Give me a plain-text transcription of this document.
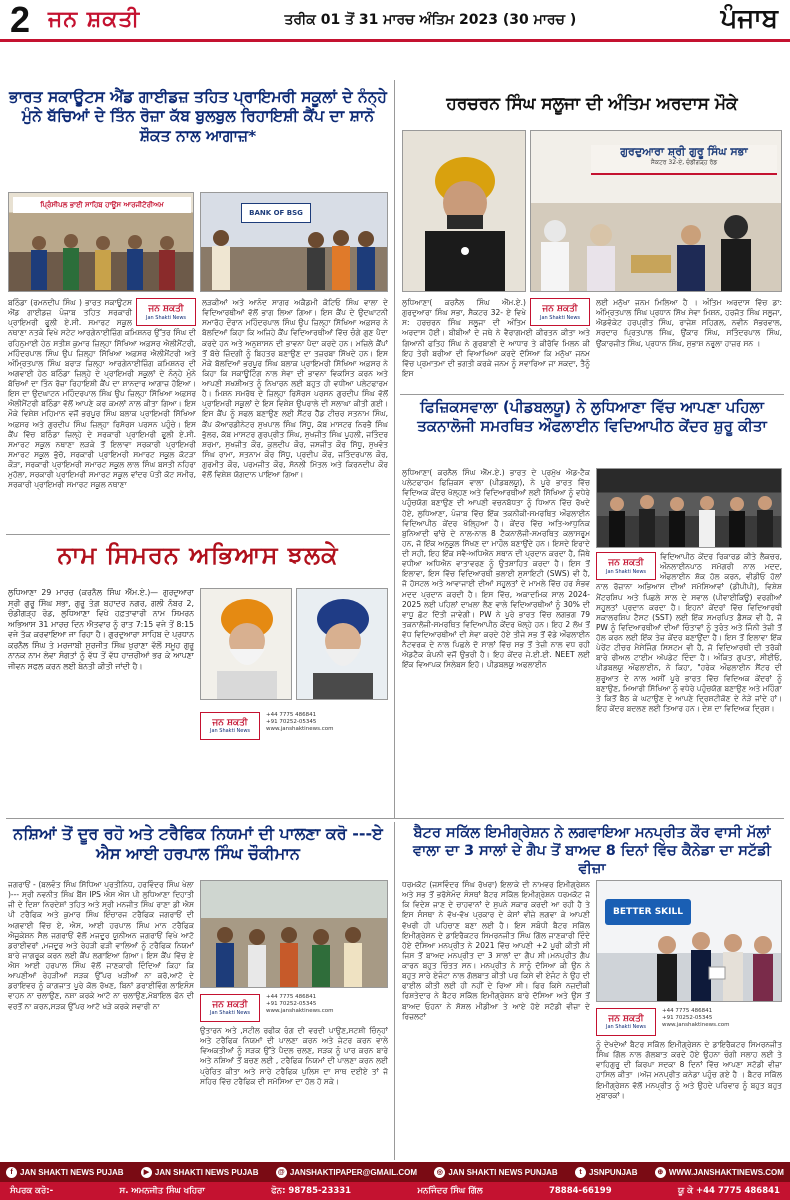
2 ਜਨ ਸ਼ਕਤੀ	ਤਰੀਕ 01 ਤੋਂ 31 ਮਾਰਚ ਅੰਤਿਮ 2023 (30 ਮਾਰਚ )	ਪੰਜਾਬ
ਭਾਰਤ ਸਕਾਊਟਸ ਐਂਡ ਗਾਈਡਜ਼ ਤਹਿਤ ਪ੍ਰਾਇਮਰੀ ਸਕੂਲਾਂ ਦੇ ਨੰਨ੍ਹੇ ਮੁੰਨੇ ਬੱਚਿਆਂ ਦੇ ਤਿੰਨ ਰੋਜ਼ਾ ਕੱਬ ਬੁਲਬੁਲ ਰਿਹਾਇਸ਼ੀ ਕੈਂਪ ਦਾ ਸ਼ਾਨੋ ਸ਼ੌਕਤ ਨਾਲ ਆਗਾਜ਼*
ਪ੍ਰਿੰਸੀਪਲ ਭਾਈ ਸਾਹਿਬ ਹਾਊਸ ਆਰਜੀਟੋਰੀਅਮ
BANK OF BSG
ਜਨ ਸ਼ਕਤੀ
Jan Shakti News
ਬਠਿੰਡਾ (ਰਮਨਦੀਪ ਸਿੰਘ ) ਭਾਰਤ ਸਕਾਊਟਸ ਐਂਡ ਗਾਈਡਜ਼ ਪੰਜਾਬ ਤਹਿਤ ਸਰਕਾਰੀ ਪ੍ਰਾਇਮਰੀ ਫੂਲੀ ਏ.ਸੀ. ਸਮਾਰਟ ਸਕੂਲ ਨਥਾਣਾ ਨਤਕੇ ਵਿਖੇ ਸਟੇਟ ਆਰਗੇਨਾਈਜ਼ਿੰਗ ਕਮਿਸ਼ਨਰ ਉੱਤਰ ਸਿੰਘ ਦੀ ਰਹਿਨੁਮਾਈ ਹੇਠ ਸਤੀਸ਼ ਕੁਮਾਰ ਜ਼ਿਲ੍ਹਾ ਸਿੱਖਿਆ ਅਫ਼ਸਰ ਐਲੀਮੈਂਟਰੀ, ਮਹਿੰਦਰਪਾਲ ਸਿੰਘ ਉਪ ਜ਼ਿਲ੍ਹਾ ਸਿੱਖਿਆ ਅਫ਼ਸਰ ਐਲੀਮੈਂਟਰੀ ਅਤੇ ਅੰਮ੍ਰਿਤਪਾਲ ਸਿੰਘ ਬਰਾੜ ਜ਼ਿਲ੍ਹਾ ਆਰਗੇਨਾਈਜ਼ਿੰਗ ਕਮਿਸ਼ਨਰ ਦੀ ਅਗਵਾਈ ਹੇਠ ਬਠਿੰਡਾ ਜ਼ਿਲ੍ਹੇ ਦੇ ਪ੍ਰਾਇਮਰੀ ਸਕੂਲਾਂ ਦੇ ਨੰਨ੍ਹੇ ਮੁੰਨੇ ਬੱਚਿਆਂ ਦਾ ਤਿੰਨ ਰੋਜ਼ਾ ਰਿਹਾਇਸ਼ੀ ਕੈਂਪ ਦਾ ਸ਼ਾਨਦਾਰ ਆਗਾਜ਼ ਹੋਇਆ। ਇਸ ਦਾ ਉਦਘਾਟਨ ਮਹਿੰਦਰਪਾਲ ਸਿੰਘ ਉਪ ਜ਼ਿਲ੍ਹਾ ਸਿੱਖਿਆ ਅਫ਼ਸਰ ਐਲੀਮੈਂਟਰੀ ਬਠਿੰਡਾ ਵੱਲੋਂ ਆਪਣੇ ਕਰ ਕਮਲਾਂ ਨਾਲ ਕੀਤਾ ਗਿਆ। ਇਸ ਮੌਕੇ ਵਿਸ਼ੇਸ਼ ਮਹਿਮਾਨ ਵਜੋਂ ਭਰਪੂਰ ਸਿੰਘ ਬਲਾਕ ਪ੍ਰਾਇਮਰੀ ਸਿੱਖਿਆ ਅਫ਼ਸਰ ਅਤੇ ਗੁਰਦੀਪ ਸਿੰਘ ਜ਼ਿਲ੍ਹਾ ਰਿਸੋਰਸ ਪਰਸਨ ਪਹੁੰਚੇ। ਇਸ ਕੈਂਪ ਵਿੱਚ ਬਠਿੰਡਾ ਜ਼ਿਲ੍ਹੇ ਦੇ ਸਰਕਾਰੀ ਪ੍ਰਾਇਮਰੀ ਫੂਲੀ ਏ.ਸੀ. ਸਮਾਰਟ ਸਕੂਲ ਨਥਾਣਾ ਲੜਕੇ ਤੋਂ ਇਲਾਵਾ ਸਰਕਾਰੀ ਪ੍ਰਾਇਮਰੀ ਸਮਾਰਟ ਸਕੂਲ ਭੁੱਚੋ, ਸਰਕਾਰੀ ਪ੍ਰਾਇਮਰੀ ਸਮਾਰਟ ਸਕੂਲ ਕੋਟੜਾ ਕੌੜਾ, ਸਰਕਾਰੀ ਪ੍ਰਾਇਮਰੀ ਸਮਾਰਟ ਸਕੂਲ ਲਾਲ ਸਿੰਘ ਬਸਤੀ ਨਹਿਰਾ ਮੁਹੱਲਾ, ਸਰਕਾਰੀ ਪ੍ਰਾਇਮਰੀ ਸਮਾਰਟ ਸਕੂਲ ਵਾਂਦਰ ਪੱਤੀ ਕੋਟ ਸਮੀਰ, ਸਰਕਾਰੀ ਪ੍ਰਾਇਮਰੀ ਸਮਾਰਟ ਸਕੂਲ ਨਥਾਣਾ
ਲੜਕੀਆਂ ਅਤੇ ਆਨੰਦ ਸਾਗਰ ਅਕੈਡਮੀ ਕੋਟਿਓ ਸਿੰਘ ਵਾਲਾ ਦੇ ਵਿਦਿਆਰਥੀਆਂ ਵੱਲੋਂ ਭਾਗ ਲਿਆ ਗਿਆ। ਇਸ ਕੈਂਪ ਦੇ ਉਦਘਾਟਨੀ ਸਮਾਰੋਹ ਦੌਰਾਨ ਮਹਿੰਦਰਪਾਲ ਸਿੰਘ ਉਪ ਜ਼ਿਲ੍ਹਾ ਸਿੱਖਿਆ ਅਫ਼ਸਰ ਨੇ ਬੋਲਦਿਆਂ ਕਿਹਾ ਕਿ ਅਜਿਹੇ ਕੈਂਪ ਵਿਦਿਆਰਥੀਆਂ ਵਿੱਚ ਚੰਗੇ ਗੁਣ ਪੈਦਾ ਕਰਦੇ ਹਨ ਅਤੇ ਅਨੁਸ਼ਾਸਨ ਦੀ ਭਾਵਨਾ ਪੈਦਾ ਕਰਦੇ ਹਨ। ਮਜ਼ਿਲੇ ਕੈਂਪਾਂ ਤੋਂ ਬੱਚੇ ਜ਼ਿੰਦਗੀ ਨੂੰ ਬਿਹਤਰ ਬਣਾਉਣ ਦਾ ਤਜ਼ਰਬਾ ਸਿੱਖਦੇ ਹਨ। ਇਸ ਮੌਕੇ ਬੋਲਦਿਆਂ ਭਰਪੂਰ ਸਿੰਘ ਬਲਾਕ ਪ੍ਰਾਇਮਰੀ ਸਿੱਖਿਆ ਅਫ਼ਸਰ ਨੇ ਕਿਹਾ ਕਿ ਸਕਾਊਟਿੰਗ ਨਾਲ ਸੇਵਾ ਦੀ ਭਾਵਨਾ ਵਿਕਸਿਤ ਕਰਨ ਅਤੇ ਆਪਣੀ ਸਖਸ਼ੀਅਤ ਨੂੰ ਨਿਖਾਰਨ ਲਈ ਬਹੁਤ ਹੀ ਵਧੀਆ ਪਲੇਟਫਾਰਮ ਹੈ। ਮਿਸ਼ਨ ਸਮਰੱਥ ਦੇ ਜ਼ਿਲ੍ਹਾ ਰਿਸੋਰਸ ਪਰਸਨ ਗੁਰਦੀਪ ਸਿੰਘ ਵੱਲੋਂ ਪ੍ਰਾਇਮਰੀ ਸਕੂਲਾਂ ਦੇ ਇਸ ਵਿਸ਼ੇਸ਼ ਉਪਰਾਲੇ ਦੀ ਸਲਾਘਾ ਕੀਤੀ ਗਈ। ਇਸ ਕੈਂਪ ਨੂੰ ਸਫਲ ਬਣਾਉਣ ਲਈ ਸੈਂਟਰ ਹੈੱਡ ਟੀਚਰ ਸਤਨਾਮ ਸਿੰਘ, ਕੈਂਪ ਕੋਆਰਡੀਨੇਟਰ ਸੁਖਪਾਲ ਸਿੰਘ ਸਿੱਧੂ, ਕੱਬ ਮਾਸਟਰ ਨਿਰਭੈ ਸਿੰਘ ਭੁੱਲਰ, ਕੱਬ ਮਾਸਟਰ ਗੁਰਪ੍ਰੀਤ ਸਿੰਘ, ਸੁਖਜੀਤ ਸਿੰਘ ਪੂਹਲੀ, ਜਤਿੰਦਰ ਸ਼ਰਮਾ, ਸੁਖਜੀਤ ਕੌਰ, ਕੁਲਦੀਪ ਕੌਰ, ਜਸਜੀਤ ਕੌਰ ਸਿੱਧੂ, ਸੁਖਵੰਤ ਸਿੰਘ ਰਾਮਾ, ਸਤਨਾਮ ਕੌਰ ਸਿੱਧੂ, ਪ੍ਰਦੀਪ ਕੌਰ, ਜਤਿੰਦਰਪਾਲ ਕੌਰ, ਗੁਰਮੀਤ ਕੌਰ, ਪਰਮਜੀਤ ਕੌਰ, ਸੋਨਲੀ ਮਿੱਤਲ ਅਤੇ ਕਿਰਨਦੀਪ ਕੌਰ ਵੱਲੋਂ ਵਿਸ਼ੇਸ਼ ਯੋਗਦਾਨ ਪਾਇਆ ਗਿਆ।
ਹਰਚਰਨ ਸਿੰਘ ਸਲੂਜਾ ਦੀ ਅੰਤਿਮ ਅਰਦਾਸ ਮੌਕੇ
ਗੁਰਦੁਆਰਾ ਸ਼੍ਰੀ ਗੁਰੂ ਸਿੰਘ ਸਭਾ
ਸੈਕਟਰ 32-ਏ, ਚੰਡੀਗੜ੍ਹ ਰੋਡ
ਜਨ ਸ਼ਕਤੀ
Jan Shakti News
ਲੁਧਿਆਣਾ( ਕਰਨੈਲ ਸਿੰਘ ਐੱਮ.ਏ.) ਗੁਰਦੁਆਰਾ ਸਿੰਘ ਸਭਾ, ਸੈਕਟਰ 32- ਏ ਵਿਖੇ ਸ: ਹਰਚਰਨ ਸਿੰਘ ਸਲੂਜਾ ਦੀ ਅੰਤਿਮ ਅਰਦਾਸ ਹੋਈ। ਬੀਬੀਆਂ ਦੇ ਜਥੇ ਨੇ ਵੈਰਾਗਮਈ ਕੀਰਤਨ ਕੀਤਾ ਅਤੇ ਗਿਆਨੀ ਫਤਿਹ ਸਿੰਘ ਨੇ ਗੁਰਬਾਣੀ ਦੇ ਆਧਾਰ ਤੇ ਕੀਰੋਵਿ ਮਿਲਨ ਕੀ ਇਹ ਤੇਰੀ ਬਰੀਆ ਦੀ ਵਿਆਖਿਆ ਕਰਦੇ ਦੱਸਿਆ ਕਿ ਮਨੁੱਖਾ ਜਨਮ ਵਿੱਚ ਪ੍ਰਮਾਤਮਾ ਦੀ ਭਗਤੀ ਕਰਕੇ ਜਨਮ ਨੂੰ ਸਵਾਰਿਆ ਜਾ ਸਕਦਾ, ਤੈਨੂੰ ਇਸ
ਲਈ ਮਨੁੱਖਾ ਜਨਮ ਮਿਲਿਆ ਹੈ । ਅੰਤਿਮ ਅਰਦਾਸ ਵਿੱਚ ਡਾ: ਅੰਮ੍ਰਿਤਪਾਲ ਸਿੰਘ ਪ੍ਰਧਾਨ ਸਿੱਖ ਸੇਵਾ ਮਿਸ਼ਨ, ਹਰਜੋਤ ਸਿੰਘ ਸਲੂਜਾ, ਐਡਵੋਕੇਟ ਹਰਪ੍ਰੀਤ ਸਿੰਘ, ਰਾਜੇਸ਼ ਸਹਿਗਲ, ਨਵੀਨ ਸੱਭਰਵਾਲ, ਸਰਦਾਰ ਪ੍ਰਿਤਪਾਲ ਸਿੰਘ, ਉਂਕਾਰ ਸਿੰਘ, ਸਤਿੰਦਰਪਾਲ ਸਿੰਘ, ਉਂਕਾਰਜੀਤ ਸਿੰਘ, ਪ੍ਰਧਾਨ ਸਿੰਘ, ਸੁਭਾਸ਼ ਨਰੂਲਾ ਹਾਜ਼ਰ ਸਨ ।
ਫਿਜ਼ਿਕਸਵਾਲਾ (ਪੀਡਬਲਯੂ) ਨੇ ਲੁਧਿਆਣਾ ਵਿੱਚ ਆਪਣਾ ਪਹਿਲਾ ਤਕਨਾਲੋਜੀ ਸਮਰਥਿਤ ਔਫਲਾਈਨ ਵਿਦਿਆਪੀਠ ਕੇਂਦਰ ਸ਼ੁਰੂ ਕੀਤਾ
ਲੁਧਿਆਣਾ( ਕਰਨੈਲ ਸਿੰਘ ਐੱਮ.ਏ.) ਭਾਰਤ ਦੇ ਪ੍ਰਮੁੱਖ ਐਡ-ਟੈਕ ਪਲੇਟਫਾਰਮ ਫਿਜ਼ਿਕਸ ਵਾਲਾ (ਪੀਡਬਲਯੂ), ਨੇ ਪੂਰੇ ਭਾਰਤ ਵਿੱਚ ਵਿਦਿਅਕ ਕੇਂਦਰ ਖੋਲ੍ਹਣ ਅਤੇ ਵਿਦਿਆਰਥੀਆਂ ਲਈ ਸਿੱਖਿਆ ਨੂੰ ਵਧੇਰੇ ਪਹੁੰਚਯੋਗ ਬਣਾਉਣ ਦੀ ਆਪਣੀ ਵਚਨਬੱਧਤਾ ਨੂੰ ਧਿਆਨ ਵਿੱਚ ਰੱਖਦੇ ਹੋਏ, ਲੁਧਿਆਣਾ, ਪੰਜਾਬ ਵਿੱਚ ਇੱਕ ਤਕਨੀਕੀ-ਸਮਰਥਿਤ ਔਫਲਾਈਨ ਵਿਦਿਆਪੀਠ ਕੇਂਦਰ ਖੋਲ੍ਹਿਆ ਹੈ। ਕੇਂਦਰ ਵਿੱਚ ਅਤਿ-ਆਧੁਨਿਕ ਬੁਨਿਆਦੀ ਢਾਂਚੇ ਦੇ ਨਾਲ-ਨਾਲ 8 ਟੈਕਨਾਲੋਜੀ-ਸਮਰਥਿਤ ਕਲਾਸਰੂਮ ਹਨ, ਜੋ ਇੱਕ ਅਨੁਕੂਲ ਸਿੱਖਣ ਦਾ ਮਾਹੌਲ ਬਣਾਉਂਦੇ ਹਨ। ਇਸਦੇ ਇਰਾਦੇ ਦੀ ਸਹੀ, ਇਹ ਇੱਕ ਸਵੈ-ਅਧਿਐਨ ਸਥਾਨ ਦੀ ਪ੍ਰਦਾਨ ਕਰਦਾ ਹੈ, ਜਿੱਥੇ ਵਧੀਆ ਅਧਿਐਨ ਵਾਤਾਵਰਣ ਨੂੰ ਉਤਸ਼ਾਹਿਤ ਕਰਦਾ ਹੈ। ਇਸ ਤੋਂ ਇਲਾਵਾ, ਇਸ ਵਿੱਚ ਵਿਦਿਆਰਥੀ ਭਲਾਈ ਸੁਸਾਇਟੀ (SWS) ਵੀ ਹੈ, ਜੋ ਹੋਸਟਲ ਅਤੇ ਆਵਾਜਾਈ ਦੀਆਂ ਸਹੂਲਤਾਂ ਦੇ ਮਾਮਲੇ ਵਿੱਚ ਹਰ ਸੰਭਵ ਮਦਦ ਪ੍ਰਦਾਨ ਕਰਦੀ ਹੈ। ਇਸ ਵਿੱਚ, ਅਕਾਦਮਿਕ ਸਾਲ 2024-2025 ਲਈ ਪਹਿਲਾਂ ਦਾਖ਼ਲਾ ਲੈਣ ਵਾਲੇ ਵਿਦਿਆਰਥੀਆਂ ਨੂੰ 30% ਦੀ ਵਾਧੂ ਛੋਟ ਦਿੱਤੀ ਜਾਵੇਗੀ। PW ਨੇ ਪੂਰੇ ਭਾਰਤ ਵਿੱਚ ਲਗਭਗ 79 ਤਕਨਾਲੋਜੀ-ਸਮਰਥਿਤ ਵਿਦਿਆਪੀਠ ਕੇਂਦਰ ਖੋਲ੍ਹੇ ਹਨ। ਇਹ 2 ਲੱਖ ਤੋਂ ਵੱਧ ਵਿਦਿਆਰਥੀਆਂ ਦੀ ਸੇਵਾ ਕਰਦੇ ਹੋਏ ਤੀਜੇ ਸਭ ਤੋਂ ਵੱਡੇ ਔਫਲਾਈਨ ਨੈਟਵਰਕ ਦੇ ਨਾਲ ਪਿਛਲੇ ਦੋ ਸਾਲਾਂ ਵਿੱਚ ਸਭ ਤੋਂ ਤੇਜ਼ੀ ਨਾਲ ਵਧ ਰਹੀ ਐਡਟੈਕ ਕੰਪਨੀ ਵਜੋਂ ਉਭਰੀ ਹੈ। ਇਹ ਕੇਂਦਰ ਜੇ.ਈ.ਈ. NEET ਲਈ ਇੱਕ ਵਿਆਪਕ ਸਿਲੇਬਸ ਇਹੋ। ਪੀਡਬਲਯੂ ਅਫਲਾਈਨ
ਜਨ ਸ਼ਕਤੀ
Jan Shakti News
ਵਿਦਿਆਪੀਠ ਕੇਂਦਰ ਰਿਕਾਰਡ ਕੀਤੇ ਲੈਕਚਰ, ਔਨਲਾਈਨਪਾਠ ਸਮੱਗਰੀ ਨਾਲ ਮਦਦ, ਔਫਲਾਈਨ ਸ਼ੱਕ ਹੱਲ ਕਰਨ, ਵੀਡੀਓ ਹੱਲਾਂ ਨਾਲ ਰੋਜ਼ਾਨਾ ਅਭਿਆਸ ਦੀਆਂ ਸਮੱਸਿਆਵਾਂ (ਡੀਪੀਪੀ), ਵਿਸ਼ੇਸ਼ ਮੈਂਟਰਸ਼ਿਪ ਅਤੇ ਪਿਛਲੇ ਸਾਲ ਦੇ ਸਵਾਲ (ਪੀਵਾਈਕਿਊ) ਵਰਗੀਆਂ ਸਹੂਲਤਾਂ ਪ੍ਰਦਾਨ ਕਰਦਾ ਹੈ। ਇਹਨਾਂ ਕੇਂਦਰਾਂ ਵਿੱਚ ਵਿਦਿਆਰਥੀ ਸਕਾਲਰਸ਼ਿਪ ਟੈਸਟ (SST) ਲਈ ਇੱਕ ਸਮਰਪਿਤ ਡੈਸਕ ਵੀ ਹੈ, ਜੋ PW ਨੂੰ ਵਿਦਿਆਰਥੀਆਂ ਦੀਆਂ ਚਿੰਤਾਵਾਂ ਨੂੰ ਤੁਰੰਤ ਅਤੇ ਜਿੰਨੀ ਤੇਜ਼ੀ ਤੋਂ ਹੱਲ ਕਰਨ ਲਈ ਇੱਕ ਤੇਜ਼ ਕੇਂਦਰ ਬਣਾਉਂਦਾ ਹੈ। ਇਸ ਤੋਂ ਇਲਾਵਾ ਇੱਕ ਪੇਰੇਂਟ ਟੀਚਰ ਮੈਸੇਜਿੰਗ ਸਿਸਟਮ ਵੀ ਹੈ, ਜੋ ਵਿਦਿਆਰਥੀ ਦੀ ਤਰੱਕੀ ਬਾਰੇ ਰੀਅਲ ਟਾਈਮ ਅੱਪਡੇਟ ਦਿੰਦਾ ਹੈ। ਅੰਕਿਤ ਗੁਪਤਾ, ਸੀਈਓ, ਪੀਡਬਲਯੂ ਔਫਲਾਈਨ, ਨੇ ਕਿਹਾ, "ਹਰੇਕ ਔਫਲਾਈਨ ਸੈਂਟਰ ਦੀ ਸ਼ੁਰੂਆਤ ਦੇ ਨਾਲ ਅਸੀਂ ਪੂਰੇ ਭਾਰਤ ਵਿੱਚ ਵਿਦਿਅਕ ਕੇਂਦਰਾਂ ਨੂੰ ਬਣਾਉਣ, ਮਿਆਰੀ ਸਿੱਖਿਆ ਨੂੰ ਵਧੇਰੇ ਪਹੁੰਚਯੋਗ ਬਣਾਉਣ ਅਤੇ ਮਹਿੰਗਾ ਤੇ ਕਿਤੋਂ ਬੈਠ ਕੇ ਘਟਾਉਣ ਦੇ ਆਪਣੇ ਦ੍ਰਿਸ਼ਟੀਕੋਣ ਦੇ ਨੇੜੇ ਜਾਂਦੇ ਹਾਂ। ਇਹ ਕੇਂਦਰ ਬਦਲਣ ਲਈ ਤਿਆਰ ਹਨ। ਦੇਸ਼ ਦਾ ਵਿਦਿਅਕ ਦ੍ਰਿਸ਼।
ਨਾਮ ਸਿਮਰਨ ਅਭਿਆਸ ਝਲਕੇ
ਲੁਧਿਆਣਾ 29 ਮਾਰਚ (ਕਰਨੈਲ ਸਿੰਘ ਐੱਮ.ਏ.)— ਗੁਰਦੁਆਰਾ ਸ੍ਰੀ ਗੁਰੂ ਸਿੰਘ ਸਭਾ, ਗੁਰੂ ਤੇਗ਼ ਬਹਾਦਰ ਨਗਰ, ਗਲੀ ਨੰਬਰ 2, ਚੰਡੀਗੜ੍ਹ ਰੋਡ, ਲੁਧਿਆਣਾ ਵਿਖੇ ਹਫ਼ਤਾਵਾਰੀ ਨਾਮ ਸਿਮਰਨ ਅਭਿਆਸ 31 ਮਾਰਚ ਦਿਨ ਐਤਵਾਰ ਨੂੰ ਰਾਤ 7:15 ਵਜੇ ਤੋਂ 8:15 ਵਜੇ ਤੱਕ ਕਰਵਾਇਆ ਜਾ ਰਿਹਾ ਹੈ। ਗੁਰਦੁਆਰਾ ਸਾਹਿਬ ਦੇ ਪ੍ਰਧਾਨ ਕਰਨੈਲ ਸਿੰਘ ਤੇ ਮਰਜਾਬੀ ਸੁਰਜੀਤ ਸਿੰਘ ਖੁਰਾਣਾ ਵੱਲੋਂ ਸਮੂਹ ਗੁਰੂ ਨਾਨਕ ਨਾਮ ਲੇਵਾ ਸੰਗਤਾਂ ਨੂੰ ਵੱਧ ਤੋਂ ਵੱਧ ਹਾਜ਼ਰੀਆਂ ਭਰ ਕੇ ਆਪਣਾ ਜੀਵਨ ਸਫਲ ਕਰਨ ਲਈ ਬੇਨਤੀ ਕੀਤੀ ਜਾਂਦੀ ਹੈ।
ਜਨ ਸ਼ਕਤੀ
Jan Shakti News
+44 7775 486841
+91 70252-05345
www.janshaktinews.com
ਨਸ਼ਿਆਂ ਤੋਂ ਦੂਰ ਰਹੋ ਅਤੇ ਟਰੈਫਿਕ ਨਿਯਮਾਂ ਦੀ ਪਾਲਣਾ ਕਰੋ ---ਏ ਐਸ ਆਈ ਹਰਪਾਲ ਸਿੰਘ ਚੌਕੀਮਾਨ
ਜਗਰਾਓਂ - (ਬਲਵੰਤ ਸਿੰਘ ਸਿੱਧਿਆ ਪ੍ਰਤੀਨਿਧ, ਹਰਵਿੰਦਰ ਸਿੰਘ ਖੇਲਾ )--- ਸ੍ਰੀ ਨਵਨੀਤ ਸਿੰਘ ਬੈਂਸ IPS ਐਸ ਐਸ ਪੀ ਲੁਧਿਆਣਾ ਦਿਹਾਤੀ ਜੀ ਦੇ ਦਿਸ਼ਾ ਨਿਰਦੇਸ਼ਾਂ ਤਹਿਤ ਅਤੇ ਸ੍ਰੀ ਮਨਜੀਤ ਸਿੰਘ ਰਾਣਾ ਡੀ ਐਸ ਪੀ ਟਰੈਫਿਕ ਅਤੇ ਕੁਮਾਰ ਸਿੰਘ ਇੰਚਾਰਜ ਟਰੈਫਿਕ ਜਗਰਾਓਂ ਦੀ ਅਗਵਾਈ ਵਿੱਚ ਏ, ਐਸ, ਆਈ ਹਰਪਾਲ ਸਿੰਘ ਮਾਨ ਟਰੈਫਿਕ ਐਜੂਕੇਸ਼ਨ ਸੈਲ ਜਗਰਾਓਂ ਵੱਲੋਂ ਮਜਦੂਰ ਯੂਨੀਅਨ ਜਗਰਾਓਂ ਵਿਖੇ ਆਟੋ ਡਰਾਈਵਰਾਂ ,ਮਜਦੂਰ ਅਤੇ ਰੇਹੜੀ ਫੜੀ ਵਾਲਿਆਂ ਨੂੰ ਟਰੈਫਿਕ ਨਿਯਮਾਂ ਬਾਰੇ ਜਾਗਰੂਕ ਕਰਨ ਲਈ ਕੈਂਪ ਲਗਾਇਆ ਗਿਆ। ਇਸ ਕੈਂਪ ਵਿੱਚ ਏ ਐਸ ਆਈ ਹਰਪਾਲ ਸਿੰਘ ਵੱਲੋਂ ਜਾਣਕਾਰੀ ਦਿੰਦਿਆਂ ਕਿਹਾ ਕਿ ਆਪਣੀਆਂ ਰੇਹੜੀਆਂ ਸੜਕ ਉੱਪਰ ਖੜੀਆਂ ਨਾ ਕਰੋ,ਆਟੋ ਦੇ ਡਰਾਇਵਰ ਨੂੰ ਕਾਗਜਾਤ ਪੂਰੇ ਕੋਲ ਰੱਖਣ, ਬਿਨਾਂ ਡਰਾਈਵਿੰਗ ਲਾਇਸੰਸ ਵਾਹਨ ਨਾ ਚਲਾਉਣ, ਨਸ਼ਾ ਕਰਕੇ ਆਟੋ ਨਾ ਚਲਾਉਣ,ਮੋਬਾਇਲ ਫੋਨ ਦੀ ਵਰਤੋਂ ਨਾ ਕਰਨ,ਸੜਕ ਉੱਪਰ ਆਟੋ ਖੜੇ ਕਰਕੇ ਸਵਾਰੀ ਨਾ	ਜਨ ਸ਼ਕਤੀ
Jan Shakti News
+44 7775 486841
+91 70252-05345
www.janshaktinews.com
ਉਤਾਰਨ ਅਤੇ ,ਸਟੀਲ ਰਫੀਕ ਰੰਗ ਦੀ ਵਰਦੀ ਪਾਉਣ,ਸਟਸ਼ੀ ਚਿੰਨ੍ਹਾਂ ਅਤੇ ਟਰੈਫਿਕ ਨਿਯਮਾਂ ਦੀ ਪਾਲਣਾ ਕਰਨ ਅਤੇ ਜੇਟਰ ਕਰਨ ਵਾਲੇ ਵਿਅਕਤੀਆਂ ਨੂੰ ਸੜਕ ਉੱਤੇ ਪੈਦਲ ਚਲਣ, ਸੜਕ ਨੂੰ ਪਾਰ ਕਰਨ ਬਾਰੇ ਅਤੇ ਨਸ਼ਿਆਂ ਤੋਂ ਬਚਣ ਲਈ , ਟਰੈਫਿਕ ਨਿਯਮਾਂ ਦੀ ਪਾਲਣਾ ਕਰਨ ਲਈ ਪ੍ਰੇਰਿਤ ਕੀਤਾ ਅਤੇ ਸਾਰੇ ਟਰੈਫਿਕ ਪੁਲਿਸ ਦਾ ਸਾਥ ਦਈਏ ਤਾਂ ਜੋ ਸਹਿਰ ਵਿੱਚ ਟਰੈਫਿਕ ਦੀ ਸਮੱਸਿਆ ਦਾ ਹੱਲ ਹੋ ਸਕੇ।
ਬੈਟਰ ਸਕਿੱਲ ਇਮੀਗ੍ਰੇਸ਼ਨ ਨੇ ਲਗਵਾਇਆ ਮਨਪ੍ਰੀਤ ਕੌਰ ਵਾਸੀ ਮੱਲਾਂ ਵਾਲਾ ਦਾ 3 ਸਾਲਾਂ ਦੇ ਗੈਪ ਤੋਂ ਬਾਅਦ 8 ਦਿਨਾਂ ਵਿੱਚ ਕੈਨੇਡਾ ਦਾ ਸਟੱਡੀ ਵੀਜ਼ਾ
ਧਰਮਕੋਟ (ਜਸਵਿੰਦਰ ਸਿੰਘ ਰੱਖਰਾ) ਇਲਾਕੇ ਦੀ ਨਾਮਵਰ ਇਮੀਗ੍ਰੇਸ਼ਨ ਅਤੇ ਸਭ ਤੋਂ ਭਰੋਸੇਮੰਦ ਸੰਸਥਾਂ ਬੈਟਰ ਸਕਿੱਲ ਇਮੀਗ੍ਰੇਸ਼ਨ ਧਰਮਕੋਟ ਜੋ ਕਿ ਵਿਦੇਸ਼ ਜਾਣ ਦੇ ਚਾਹਵਾਨਾਂ ਦੇ ਸੁਪਨੇ ਸਕਾਰ ਕਰਦੀ ਆ ਰਹੀ ਹੈ ਤੇ ਇਸ ਸੰਸਥਾ ਨੇ ਵੱਖ-ਵੱਖ ਪ੍ਰਕਾਰ ਦੇ ਕੇਸਾਂ ਵੀਜ਼ੇ ਲਗਵਾ ਕੇ ਆਪਣੀ ਵੱਖਰੀ ਹੀ ਪਹਿਚਾਣ ਬਣਾ ਲਈ ਹੈ। ਇਸ ਸਬੰਧੀ ਬੈਟਰ ਸਕਿੱਲ ਇਮੀਗ੍ਰੇਸ਼ਨ ਦੇ ਡਾਇਰੈਕਟਰ ਸਿਮਰਨਜੀਤ ਸਿੰਘ ਗਿੱਲ ਜਾਣਕਾਰੀ ਦਿੰਦੇ ਹੋਏ ਦੱਸਿਆ ਮਨਪ੍ਰੀਤ ਨੇ 2021 ਵਿੱਚ ਆਪਣੀ +2 ਪੂਰੀ ਕੀਤੀ ਸੀ ਜਿਸ ਤੋਂ ਬਾਅਦ ਮਨਪ੍ਰੀਤ ਦਾ 3 ਸਾਲਾਂ ਦਾ ਗੈਪ ਸੀ।ਮਨਪ੍ਰੀਤ ਗੈਪ ਕਾਰਨ ਬਹੁਤ ਚਿੰਤਤ ਸਨ। ਮਨਪ੍ਰੀਤ ਨੇ ਸਾਨੂੰ ਦੱਸਿਆ ਕੀ ਉਨ ਨੇ ਬਹੁਤ ਸਾਰੇ ਏਜੰਟਾ ਨਾਲ ਗੱਲਬਾਤ ਕੀਤੀ ਪਰ ਕਿਸੇ ਵੀ ਏਜੰਟ ਨੇ ਉਹ ਦੀ ਫਾਈਲ ਕੀਤੀ ਲਈ ਹੀ ਨਹੀਂ ਦੇ ਰਿਆ ਸੀ। ਫਿਰ ਕਿਸੇ ਨਜ਼ਦੀਕੀ ਰਿਸ਼ਤੇਦਾਰ ਨੇ ਬੈਟਰ ਸਕਿੱਲ ਇਮੀਗ੍ਰੇਸ਼ਨ ਬਾਰੇ ਦੱਸਿਆ ਅਤੇ ਉਸ ਤੋਂ ਬਾਅਦ ਓਹਨਾ ਨੇ ਸੋਸ਼ਲ ਮੀਡੀਆ ਤੇ ਆਏ ਹੋਏ ਸਟੱਡੀ ਵੀਜ਼ਾ ਦੇ ਰਿਜ਼ਲਟਾਂ
BETTER SKILL
ਜਨ ਸ਼ਕਤੀ
Jan Shakti News
+44 7775 486841
+91 70252-05345
www.janshaktinews.com
ਨੂੰ ਦੇਖਦੇਆਂ ਬੈਟਰ ਸਕਿੱਲ ਇਮੀਗ੍ਰੇਸ਼ਨ ਦੇ ਡਾਇਰੈਕਟਰ ਸਿਮਰਨਜੀਤ ਸਿੰਘ ਗਿੱਲ ਨਾਲ ਗੱਲਬਾਤ ਕਰਦੇ ਹੋਏ ਉਹਨਾ ਚੰਗੀ ਸਲਾਹ ਲਈ ਤੇ ਵਾਹਿਗੁਰੂ ਦੀ ਕਿਰਪਾ ਸਦਕਾ 8 ਦਿਨਾਂ ਵਿੱਚ ਆਪਣਾ ਸਟੱਡੀ ਵੀਜ਼ਾ ਹਾਸਿਲ ਕੀਤਾ ।ਅੱਜ ਮਨਪ੍ਰੀਤ ਕਨੇਡਾ ਪਹੁੰਚ ਗਏ ਹੈ । ਬੈਟਰ ਸਕਿੱਲ ਇਮੀਗ੍ਰੇਸ਼ਨ ਵੱਲੋਂ ਮਨਪ੍ਰੀਤ ਨੂੰ ਅਤੇ ਉਹਦੇ ਪਰਿਵਾਰ ਨੂੰ ਬਹੁਤ ਬਹੁਤ ਮੁਬਾਰਕਾਂ।
f JAN SHAKTI NEWS PUJAB	▶ JAN SHAKTI NEWS PUJAB	@ JANSHAKTIPAPER@GMAIL.COM	◎ JAN SHAKTI NEWS PUNJAB	t JSNPUNJAB	⊕ WWW.JANSHAKTINEWS.COM
ਸੰਪਰਕ ਕਰੋ:-	ਸ. ਅਮਨਜੀਤ ਸਿੰਘ ਖਹਿਰਾ	ਫੋਨ: 98785-23331	ਮਨਜਿੰਦਰ ਸਿੰਘ ਗਿੱਲ	78884-66199	ਯੂ ਕੇ +44 7775 486841
